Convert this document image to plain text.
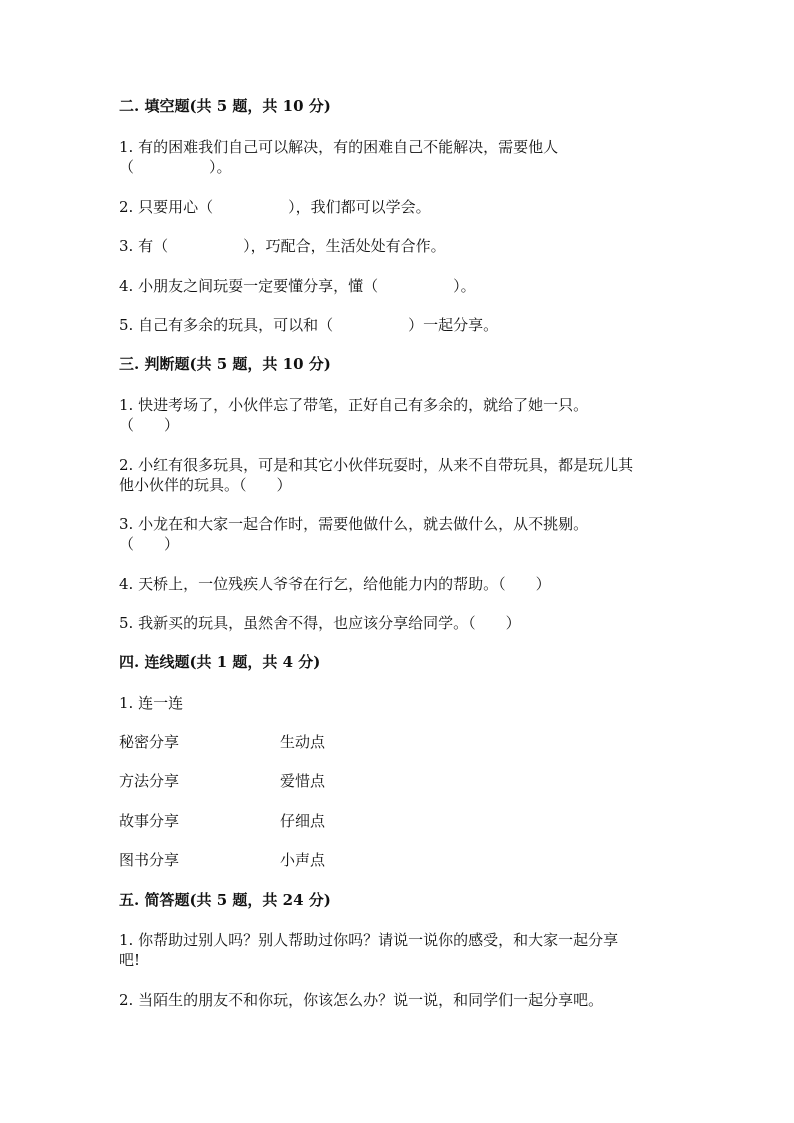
二. 填空题(共 5 题，共 10 分)
1. 有的困难我们自己可以解决，有的困难自己不能解决，需要他人
（　　　　　）。
2. 只要用心（　　　　　），我们都可以学会。
3. 有（　　　　　），巧配合，生活处处有合作。
4. 小朋友之间玩耍一定要懂分享，懂（　　　　　）。
5. 自己有多余的玩具，可以和（　　　　　）一起分享。
三. 判断题(共 5 题，共 10 分)
1. 快进考场了，小伙伴忘了带笔，正好自己有多余的，就给了她一只。
（　　）
2. 小红有很多玩具，可是和其它小伙伴玩耍时，从来不自带玩具，都是玩儿其
他小伙伴的玩具。（　　）
3. 小龙在和大家一起合作时，需要他做什么，就去做什么，从不挑剔。
（　　）
4. 天桥上，一位残疾人爷爷在行乞，给他能力内的帮助。（　　）
5. 我新买的玩具，虽然舍不得，也应该分享给同学。（　　）
四. 连线题(共 1 题，共 4 分)
1. 连一连
秘密分享	生动点
方法分享	爱惜点
故事分享	仔细点
图书分享	小声点
五. 简答题(共 5 题，共 24 分)
1. 你帮助过别人吗？别人帮助过你吗？请说一说你的感受，和大家一起分享
吧!
2. 当陌生的朋友不和你玩，你该怎么办？说一说，和同学们一起分享吧。
